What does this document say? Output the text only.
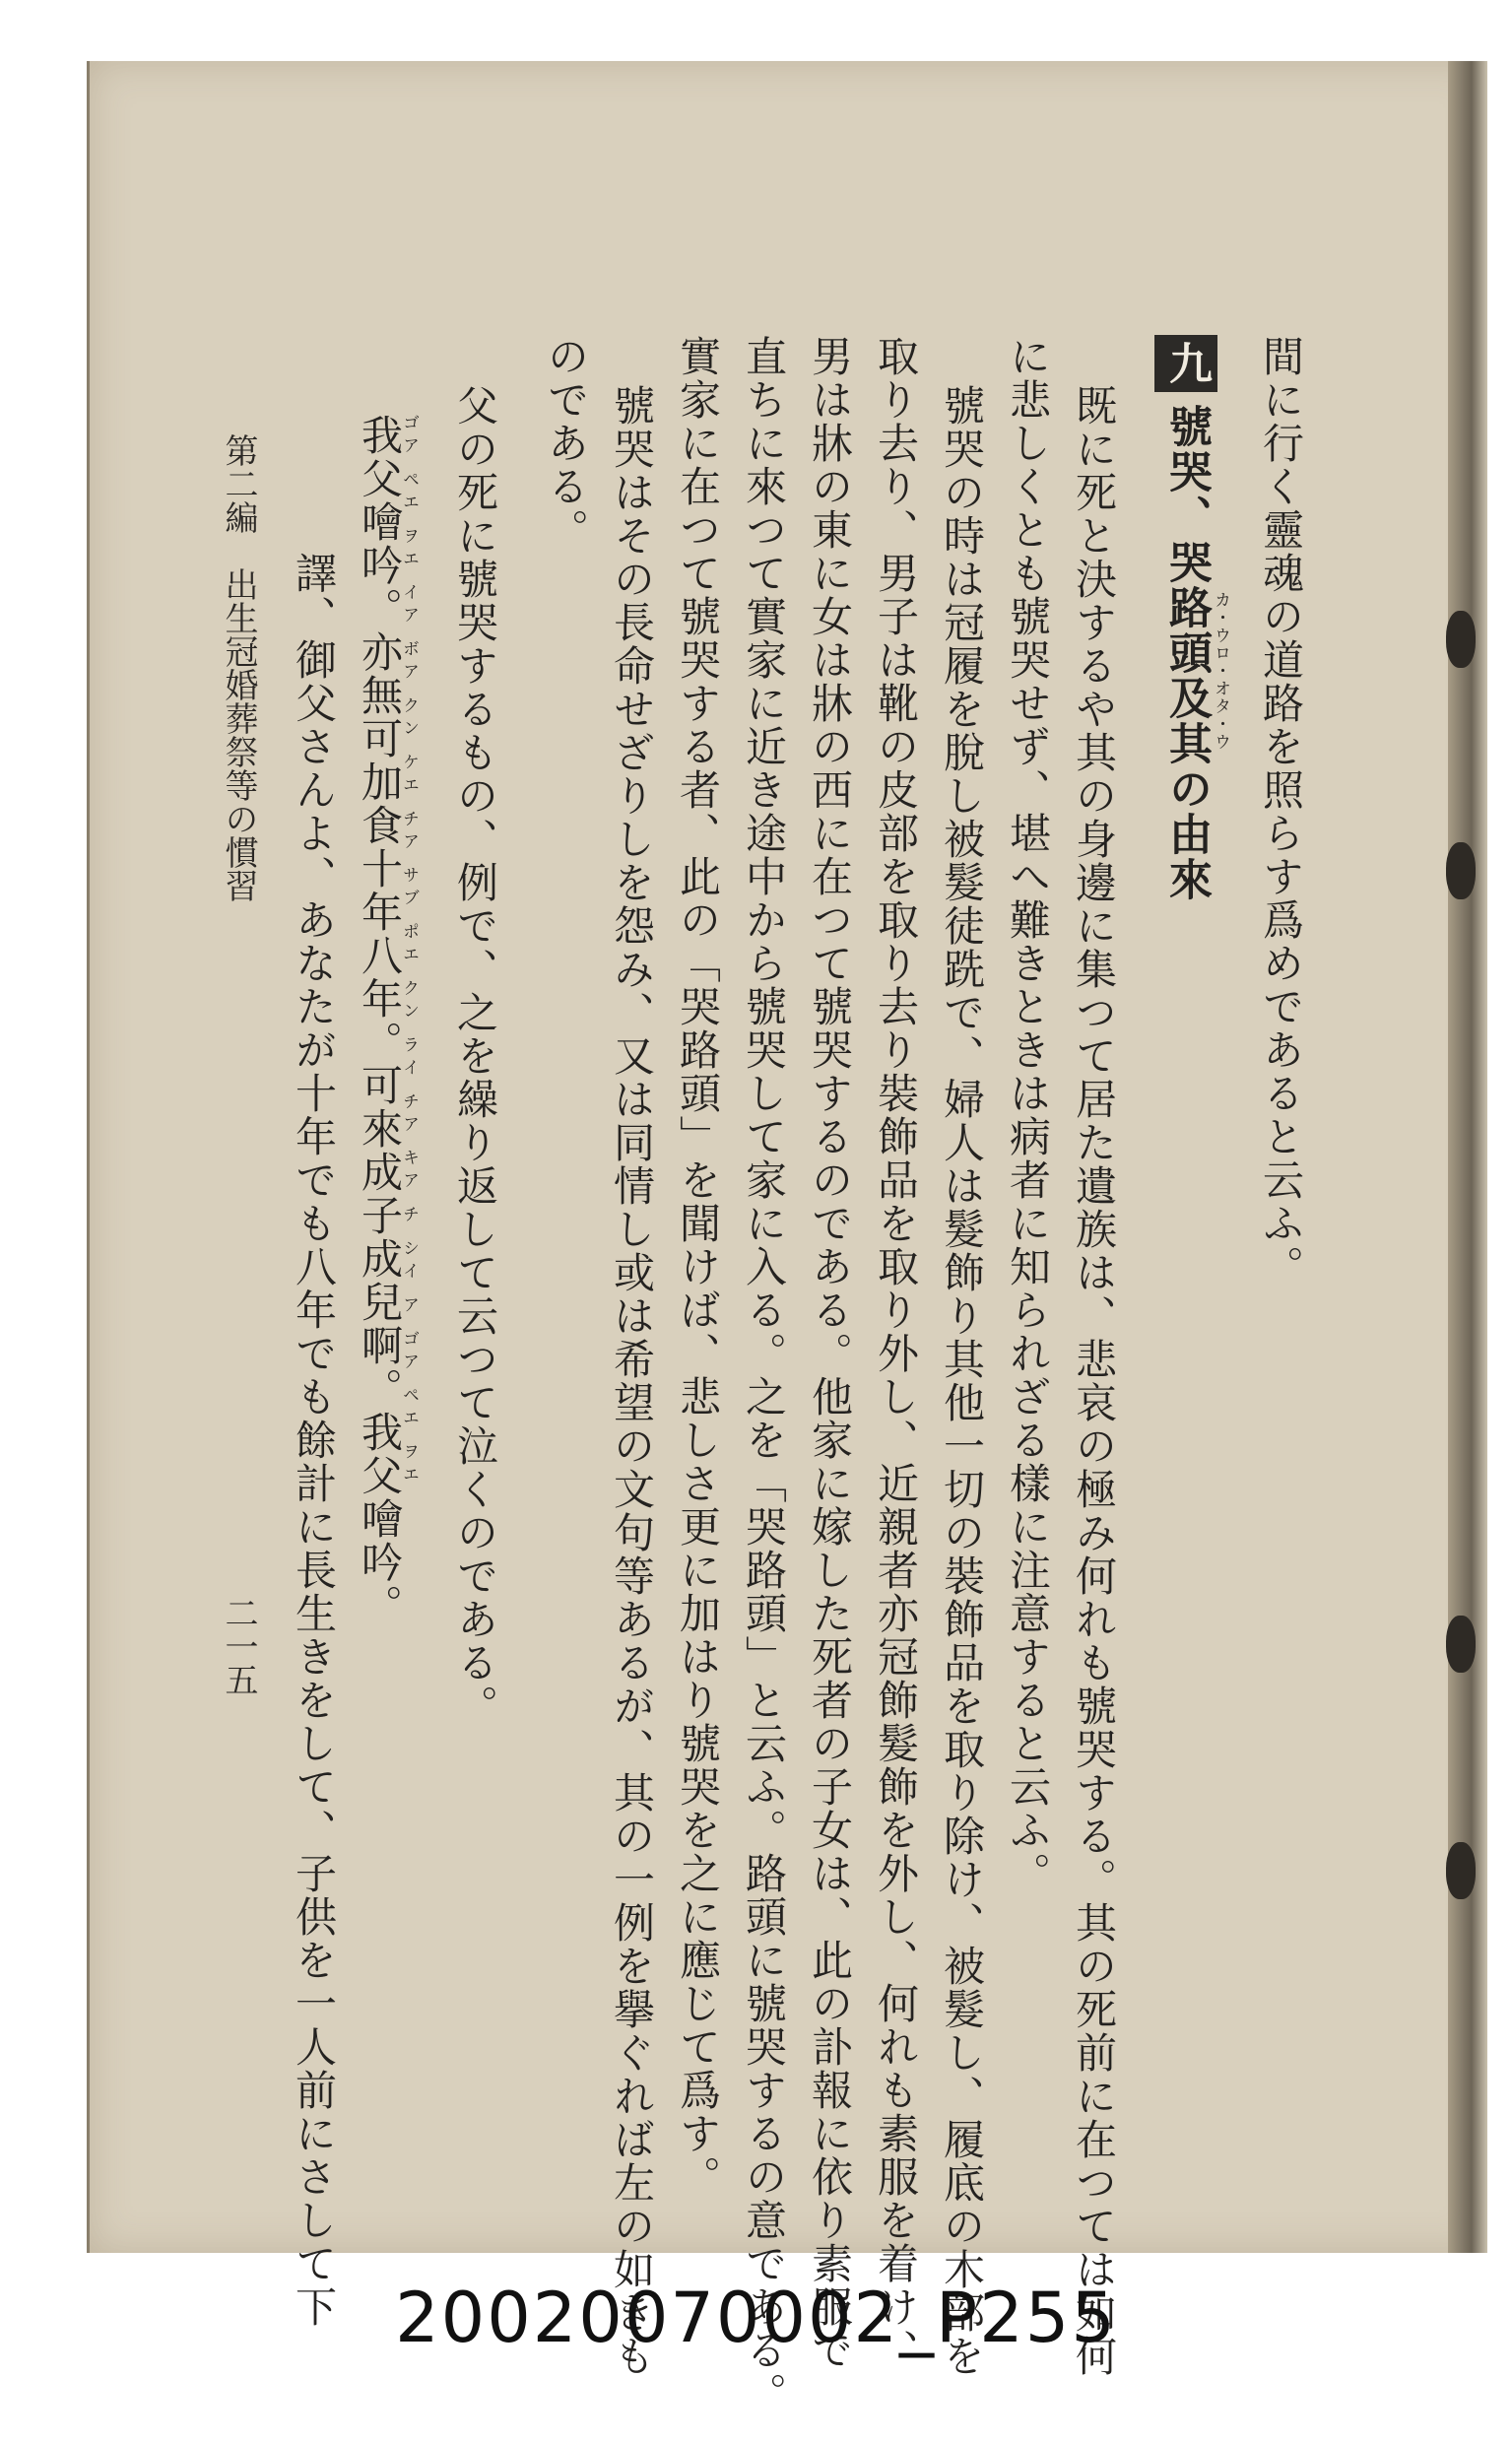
間に行く靈魂の道路を照らす爲めであると云ふ。
九號哭、哭路頭及其の由來 カ・ウロ・オタ・ウ
既に死と決するや其の身邊に集つて居た遺族は、悲哀の極み何れも號哭する。其の死前に在つては如何
に悲しくとも號哭せず、堪へ難きときは病者に知られざる樣に注意すると云ふ。
號哭の時は冠履を脫し被髮徒跣で、婦人は髮飾り其他一切の裝飾品を取り除け、被髮し、履底の木部を
取り去り、男子は靴の皮部を取り去り裝飾品を取り外し、近親者亦冠飾髮飾を外し、何れも素服を着け、
男は牀の東に女は牀の西に在つて號哭するのである。他家に嫁した死者の子女は、此の訃報に依り素服で
直ちに來つて實家に近き途中から號哭して家に入る。之を「哭路頭」と云ふ。路頭に號哭するの意である。
實家に在つて號哭する者、此の「哭路頭」を聞けば、悲しさ更に加はり號哭を之に應じて爲す。
號哭はその長命せざりしを怨み、又は同情し或は希望の文句等あるが、其の一例を擧ぐれば左の如きも
のである。
父の死に號哭するもの、例で、之を繰り返して云つて泣くのである。
我父噲吟。亦無可加食十年八年。可來成子成兒啊。我父噲吟。
ゴア ペエ ヲエ イア ボア クン ケエ チア サブ ポエ クン ライ チア キア チ シイ ア ゴア ペエ ヲエ
譯、御父さんよ、あなたが十年でも八年でも餘計に長生きをして、子供を一人前にさして下
第二編　出生冠婚葬祭等の慣習
二一五
20020070002_P255
